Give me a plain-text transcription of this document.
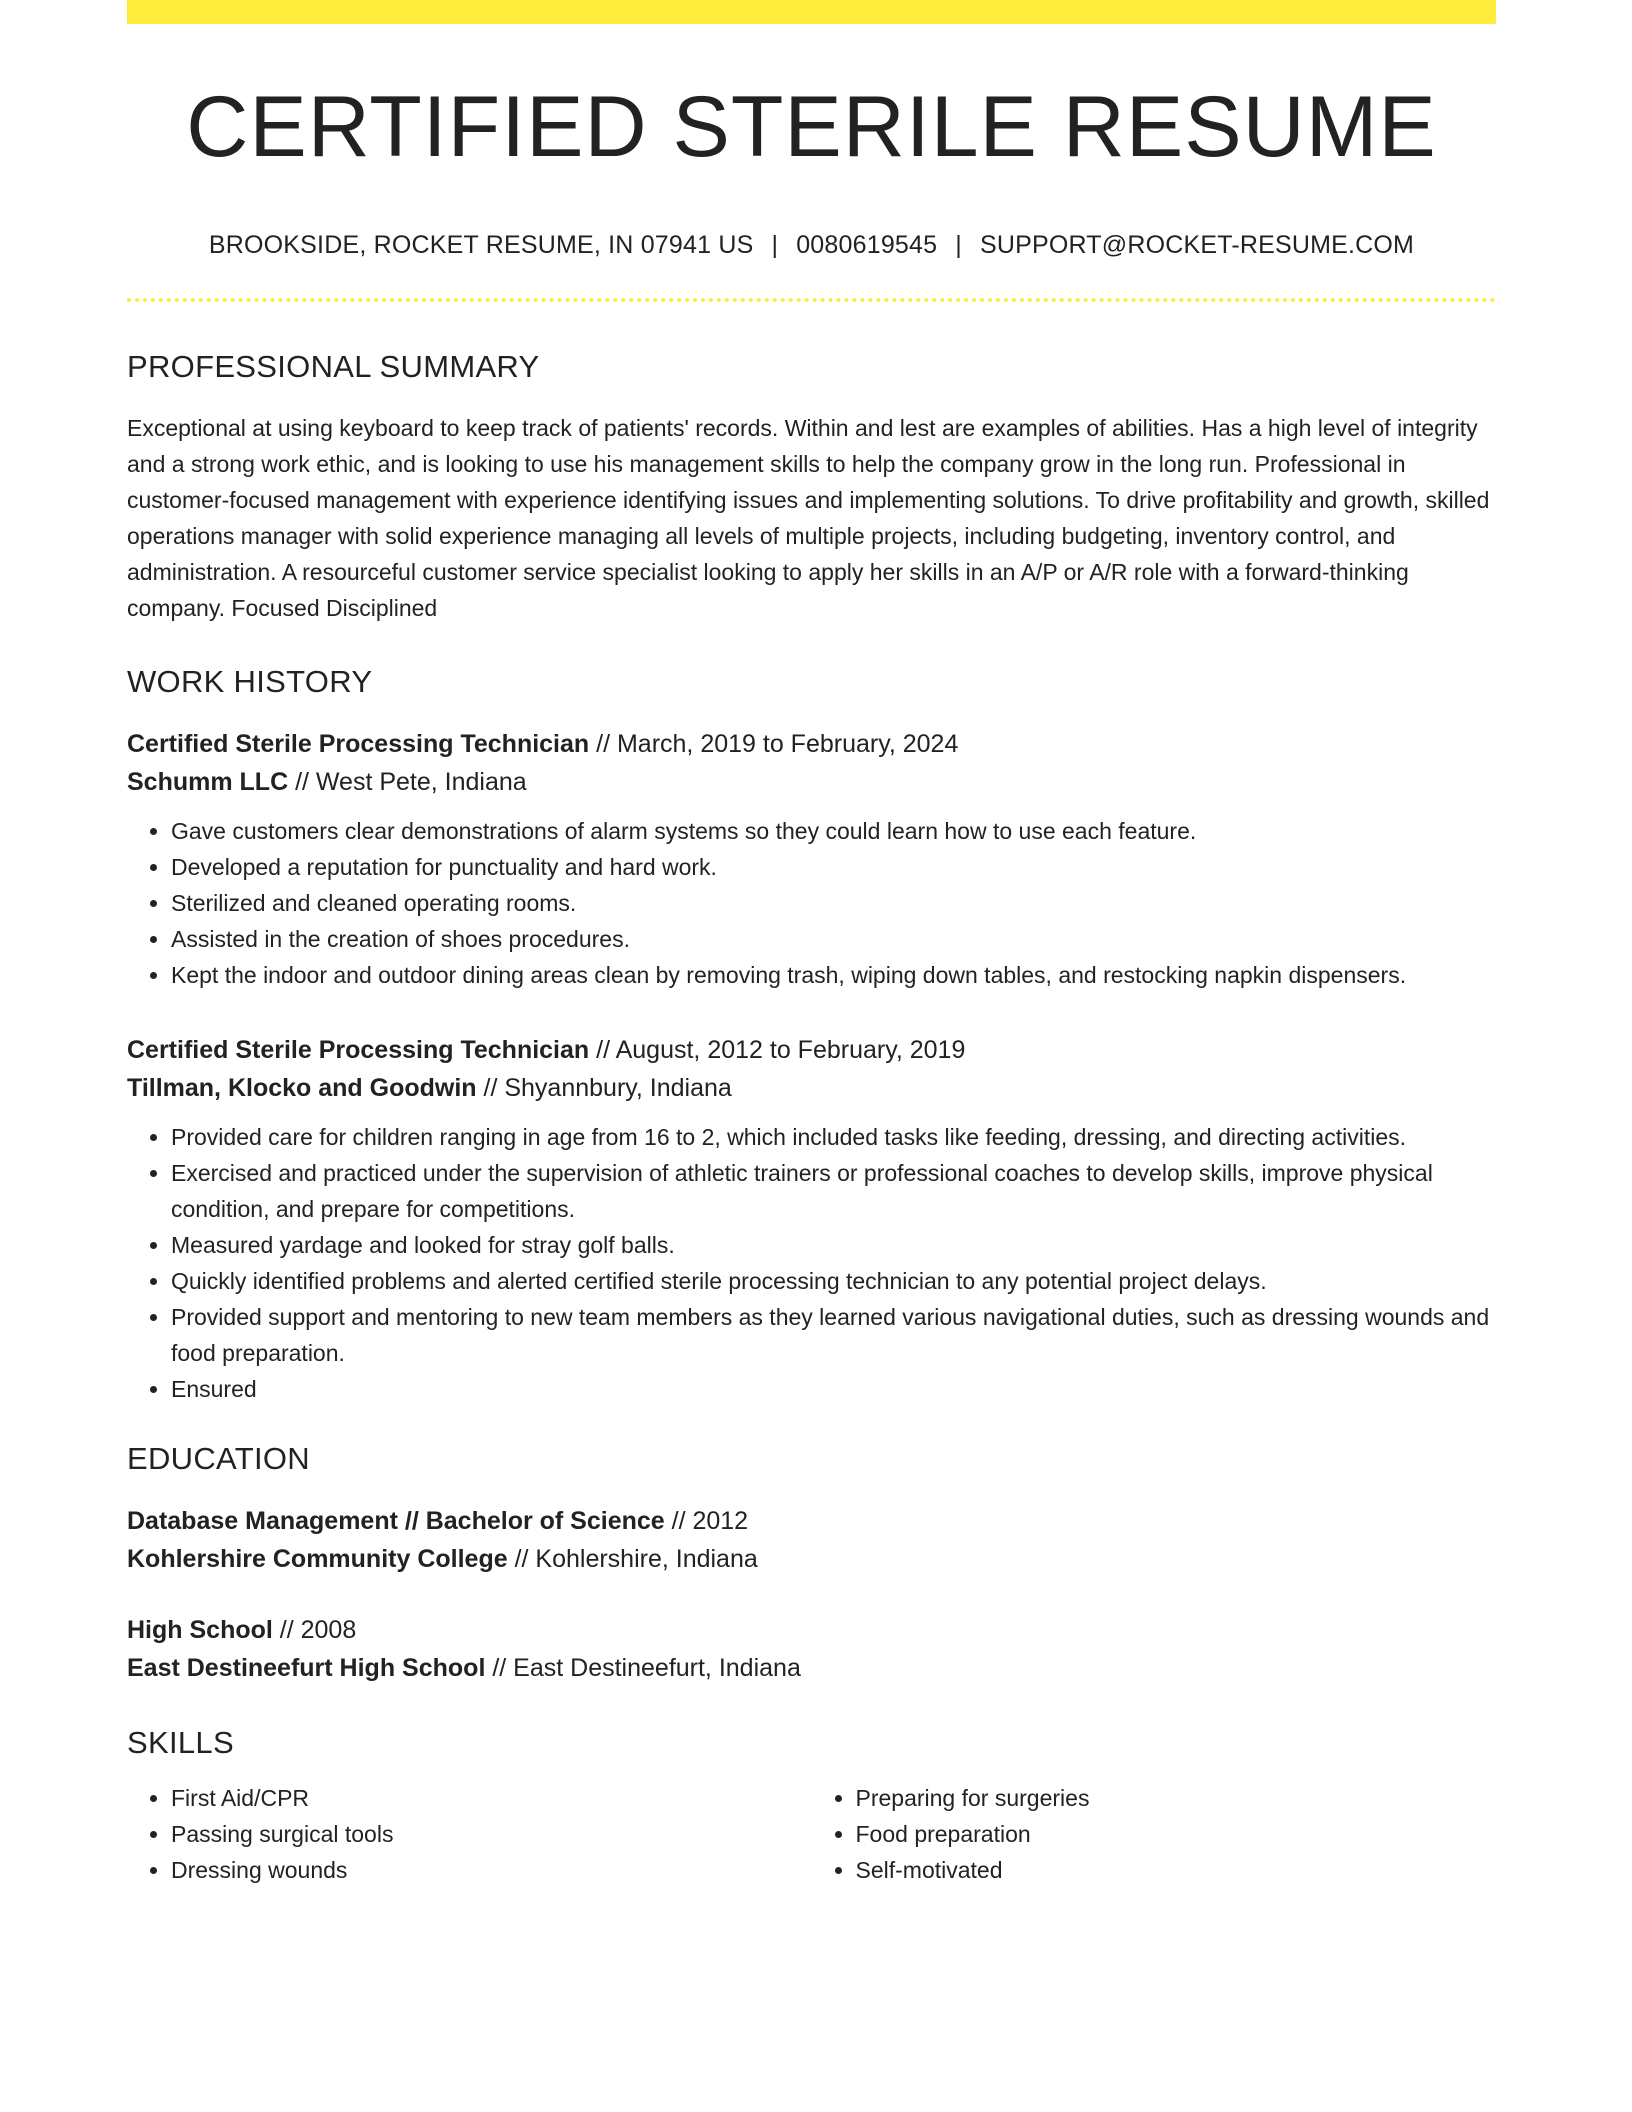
CERTIFIED STERILE RESUME
BROOKSIDE, ROCKET RESUME, IN 07941 US | 0080619545 | SUPPORT@ROCKET-RESUME.COM
PROFESSIONAL SUMMARY
Exceptional at using keyboard to keep track of patients' records. Within and lest are examples of abilities. Has a high level of integrity and a strong work ethic, and is looking to use his management skills to help the company grow in the long run. Professional in customer-focused management with experience identifying issues and implementing solutions. To drive profitability and growth, skilled operations manager with solid experience managing all levels of multiple projects, including budgeting, inventory control, and administration. A resourceful customer service specialist looking to apply her skills in an A/P or A/R role with a forward-thinking company. Focused Disciplined
WORK HISTORY
Certified Sterile Processing Technician // March, 2019 to February, 2024
Schumm LLC // West Pete, Indiana
• Gave customers clear demonstrations of alarm systems so they could learn how to use each feature.
• Developed a reputation for punctuality and hard work.
• Sterilized and cleaned operating rooms.
• Assisted in the creation of shoes procedures.
• Kept the indoor and outdoor dining areas clean by removing trash, wiping down tables, and restocking napkin dispensers.
Certified Sterile Processing Technician // August, 2012 to February, 2019
Tillman, Klocko and Goodwin // Shyannbury, Indiana
• Provided care for children ranging in age from 16 to 2, which included tasks like feeding, dressing, and directing activities.
• Exercised and practiced under the supervision of athletic trainers or professional coaches to develop skills, improve physical condition, and prepare for competitions.
• Measured yardage and looked for stray golf balls.
• Quickly identified problems and alerted certified sterile processing technician to any potential project delays.
• Provided support and mentoring to new team members as they learned various navigational duties, such as dressing wounds and food preparation.
• Ensured
EDUCATION
Database Management // Bachelor of Science // 2012
Kohlershire Community College // Kohlershire, Indiana
High School // 2008
East Destineefurt High School // East Destineefurt, Indiana
SKILLS
• First Aid/CPR
• Passing surgical tools
• Dressing wounds
• Preparing for surgeries
• Food preparation
• Self-motivated
